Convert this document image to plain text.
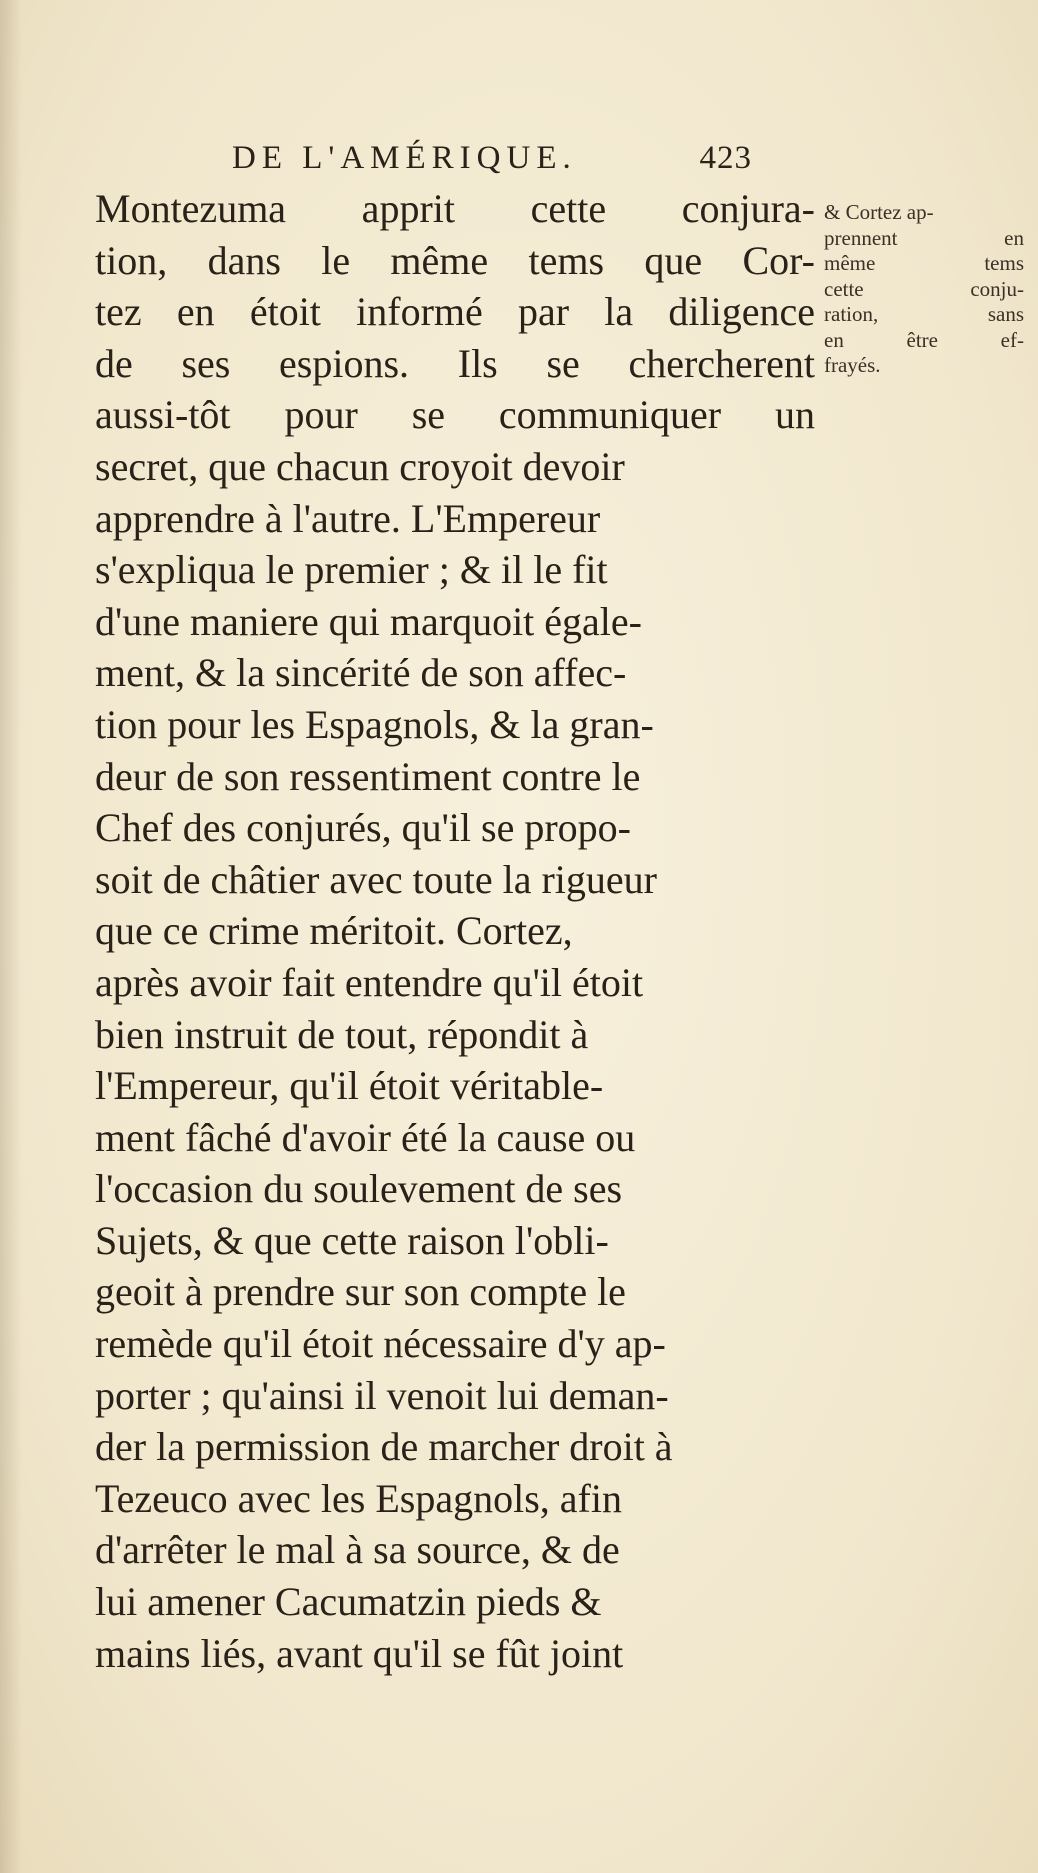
DE L'AMÉRIQUE.	423
Montezuma apprit cette conjura-
tion, dans le même tems que Cor-
tez en étoit informé par la diligence
de ses espions. Ils se chercherent
aussi-tôt pour se communiquer un
secret, que chacun croyoit devoir
apprendre à l'autre. L'Empereur
s'expliqua le premier ; & il le fit
d'une maniere qui marquoit égale-
ment, & la sincérité de son affec-
tion pour les Espagnols, & la gran-
deur de son ressentiment contre le
Chef des conjurés, qu'il se propo-
soit de châtier avec toute la rigueur
que ce crime méritoit. Cortez,
après avoir fait entendre qu'il étoit
bien instruit de tout, répondit à
l'Empereur, qu'il étoit véritable-
ment fâché d'avoir été la cause ou
l'occasion du soulevement de ses
Sujets, & que cette raison l'obli-
geoit à prendre sur son compte le
remède qu'il étoit nécessaire d'y ap-
porter ; qu'ainsi il venoit lui deman-
der la permission de marcher droit à
Tezeuco avec les Espagnols, afin
d'arrêter le mal à sa source, & de
lui amener Cacumatzin pieds &
mains liés, avant qu'il se fût joint
& Cortez ap-
prennent en
même tems
cette conju-
ration, sans
en être ef-
frayés.
